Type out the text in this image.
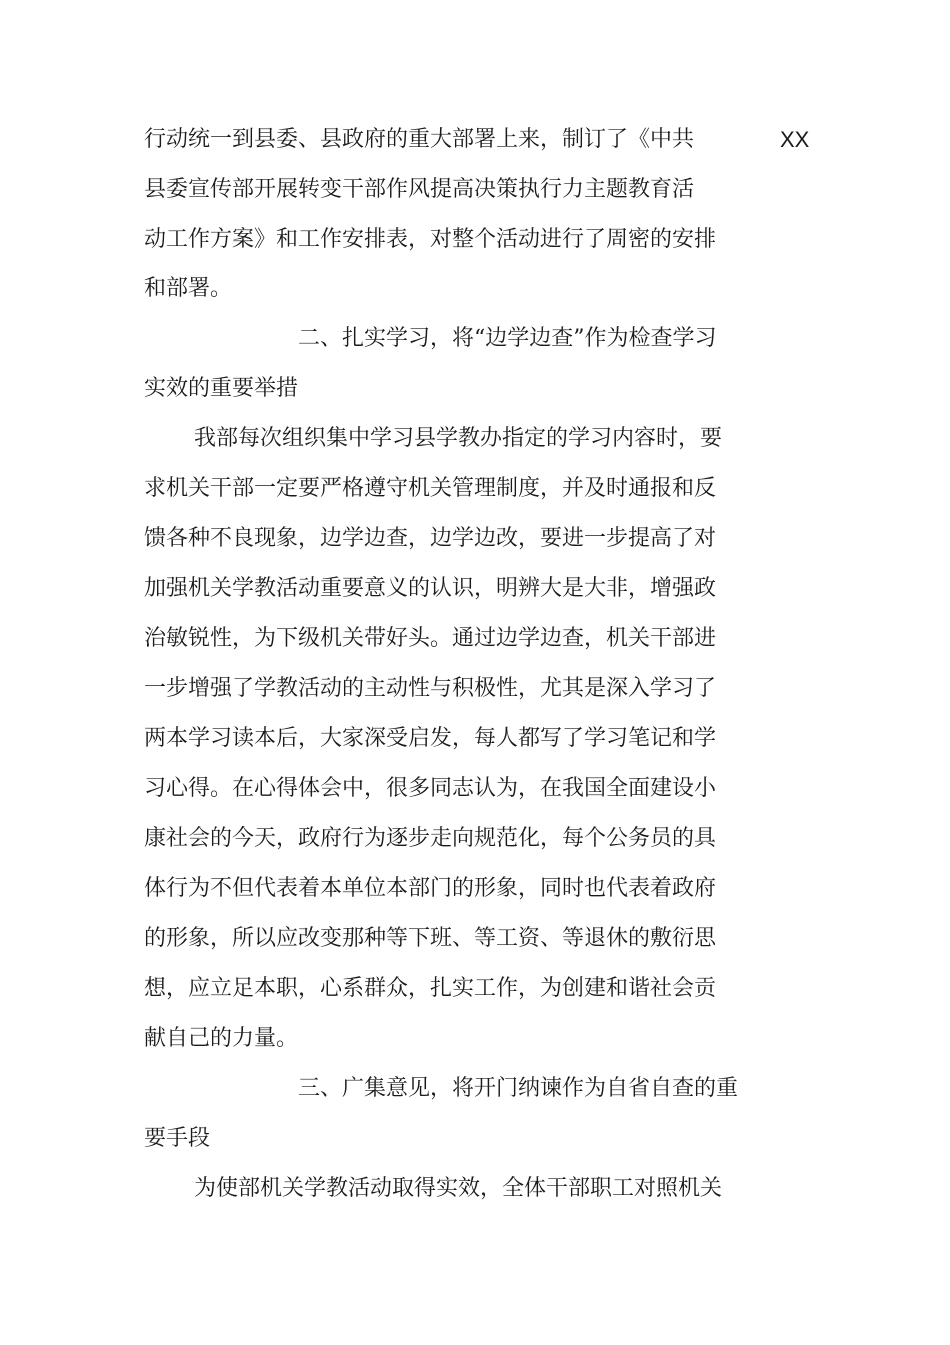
XX
行动统一到县委、县政府的重大部署上来，制订了《中共
县委宣传部开展转变干部作风提高决策执行力主题教育活
动工作方案》和工作安排表，对整个活动进行了周密的安排
和部署。
二、扎实学习，将“边学边查”作为检查学习
实效的重要举措
我部每次组织集中学习县学教办指定的学习内容时，要
求机关干部一定要严格遵守机关管理制度，并及时通报和反
馈各种不良现象，边学边查，边学边改，要进一步提高了对
加强机关学教活动重要意义的认识，明辨大是大非，增强政
治敏锐性，为下级机关带好头。通过边学边查，机关干部进
一步增强了学教活动的主动性与积极性，尤其是深入学习了
两本学习读本后，大家深受启发，每人都写了学习笔记和学
习心得。在心得体会中，很多同志认为，在我国全面建设小
康社会的今天，政府行为逐步走向规范化，每个公务员的具
体行为不但代表着本单位本部门的形象，同时也代表着政府
的形象，所以应改变那种等下班、等工资、等退休的敷衍思
想，应立足本职，心系群众，扎实工作，为创建和谐社会贡
献自己的力量。
三、广集意见，将开门纳谏作为自省自查的重
要手段
为使部机关学教活动取得实效，全体干部职工对照机关
